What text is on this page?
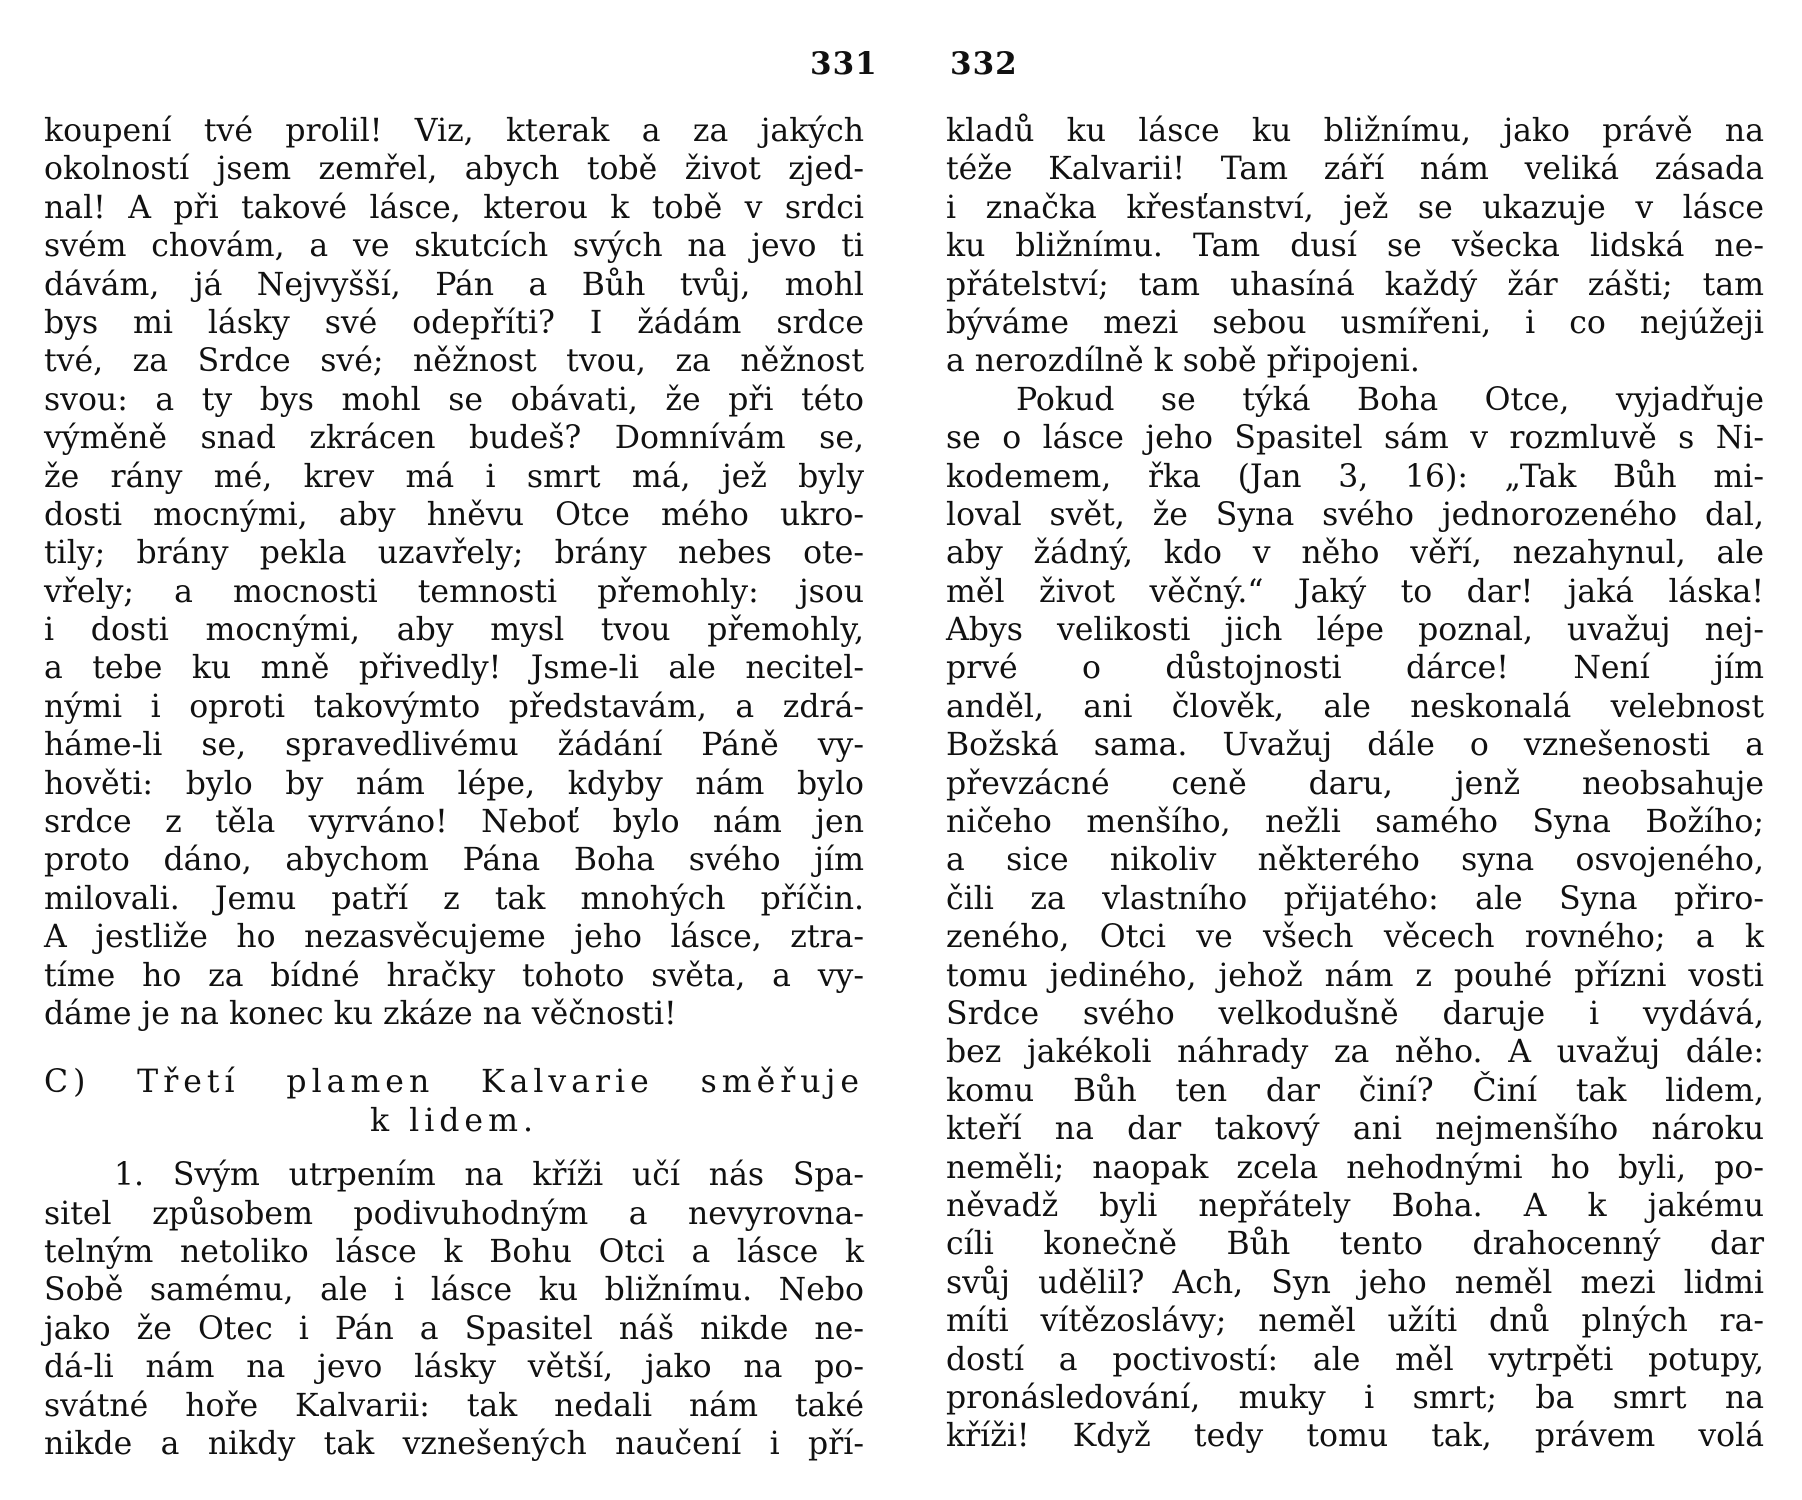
331 332
koupení tvé prolil! Viz, kterak a za jakých
okolností jsem zemřel, abych tobě život zjed-
nal! A při takové lásce, kterou k tobě v srdci
svém chovám, a ve skutcích svých na jevo ti
dávám, já Nejvyšší, Pán a Bůh tvůj, mohl
bys mi lásky své odepříti? I žádám srdce
tvé, za Srdce své; něžnost tvou, za něžnost
svou: a ty bys mohl se obávati, že při této
výměně snad zkrácen budeš? Domnívám se,
že rány mé, krev má i smrt má, jež byly
dosti mocnými, aby hněvu Otce mého ukro-
tily; brány pekla uzavřely; brány nebes ote-
vřely; a mocnosti temnosti přemohly: jsou
i dosti mocnými, aby mysl tvou přemohly,
a tebe ku mně přivedly! Jsme-li ale necitel-
nými i oproti takovýmto představám, a zdrá-
háme-li se, spravedlivému žádání Páně vy-
hověti: bylo by nám lépe, kdyby nám bylo
srdce z těla vyrváno! Neboť bylo nám jen
proto dáno, abychom Pána Boha svého jím
milovali. Jemu patří z tak mnohých příčin.
A jestliže ho nezasvěcujeme jeho lásce, ztra-
tíme ho za bídné hračky tohoto světa, a vy-
dáme je na konec ku zkáze na věčnosti!
C) Třetí plamen Kalvarie směřuje
k lidem.
1. Svým utrpením na kříži učí nás Spa-
sitel způsobem podivuhodným a nevyrovna-
telným netoliko lásce k Bohu Otci a lásce k
Sobě samému, ale i lásce ku bližnímu. Nebo
jako že Otec i Pán a Spasitel náš nikde ne-
dá-li nám na jevo lásky větší, jako na po-
svátné hoře Kalvarii: tak nedali nám také
nikde a nikdy tak vznešených naučení i pří-
kladů ku lásce ku bližnímu, jako právě na
téže Kalvarii! Tam září nám veliká zásada
i značka křesťanství, jež se ukazuje v lásce
ku bližnímu. Tam dusí se všecka lidská ne-
přátelství; tam uhasíná každý žár zášti; tam
býváme mezi sebou usmířeni, i co nejúžeji
a nerozdílně k sobě připojeni.
Pokud se týká Boha Otce, vyjadřuje
se o lásce jeho Spasitel sám v rozmluvě s Ni-
kodemem, řka (Jan 3, 16): „Tak Bůh mi-
loval svět, že Syna svého jednorozeného dal,
aby žádný, kdo v něho věří, nezahynul, ale
měl život věčný.“ Jaký to dar! jaká láska!
Abys velikosti jich lépe poznal, uvažuj nej-
prvé o důstojnosti dárce! Není jím
anděl, ani člověk, ale neskonalá velebnost
Božská sama. Uvažuj dále o vznešenosti a
převzácné ceně daru, jenž neobsahuje
ničeho menšího, nežli samého Syna Božího;
a sice nikoliv některého syna osvojeného,
čili za vlastního přijatého: ale Syna přiro-
zeného, Otci ve všech věcech rovného; a k
tomu jediného, jehož nám z pouhé přízni vosti
Srdce svého velkodušně daruje i vydává,
bez jakékoli náhrady za něho. A uvažuj dále:
komu Bůh ten dar činí? Činí tak lidem,
kteří na dar takový ani nejmenšího nároku
neměli; naopak zcela nehodnými ho byli, po-
něvadž byli nepřátely Boha. A k jakému
cíli konečně Bůh tento drahocenný dar
svůj udělil? Ach, Syn jeho neměl mezi lidmi
míti vítězoslávy; neměl užíti dnů plných ra-
dostí a poctivostí: ale měl vytrpěti potupy,
pronásledování, muky i smrt; ba smrt na
kříži! Když tedy tomu tak, právem volá
